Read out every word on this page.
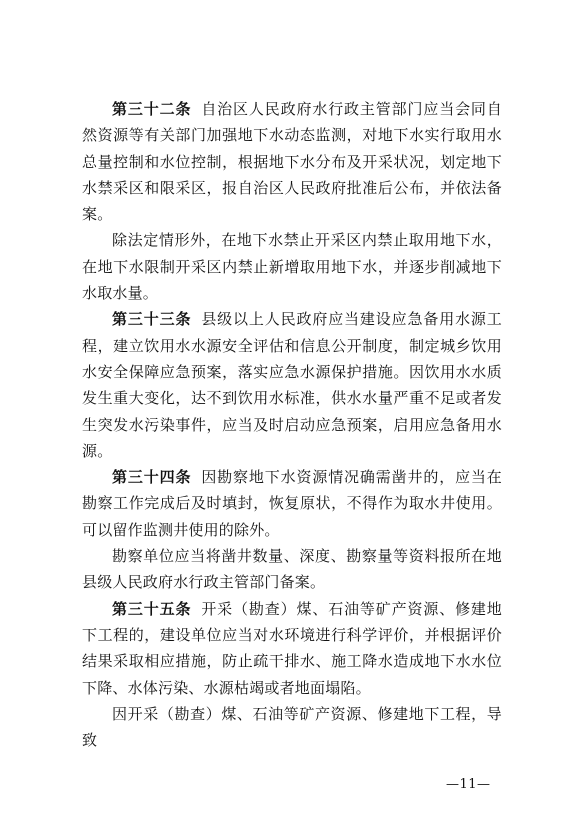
第三十二条 自治区人民政府水行政主管部门应当会同自然资源等有关部门加强地下水动态监测，对地下水实行取用水总量控制和水位控制，根据地下水分布及开采状况，划定地下水禁采区和限采区，报自治区人民政府批准后公布，并依法备案。

除法定情形外，在地下水禁止开采区内禁止取用地下水，在地下水限制开采区内禁止新增取用地下水，并逐步削减地下水取水量。

第三十三条 县级以上人民政府应当建设应急备用水源工程，建立饮用水水源安全评估和信息公开制度，制定城乡饮用水安全保障应急预案，落实应急水源保护措施。因饮用水水质发生重大变化，达不到饮用水标准，供水水量严重不足或者发生突发水污染事件，应当及时启动应急预案，启用应急备用水源。

第三十四条 因勘察地下水资源情况确需凿井的，应当在勘察工作完成后及时填封，恢复原状，不得作为取水井使用。可以留作监测井使用的除外。

勘察单位应当将凿井数量、深度、勘察量等资料报所在地县级人民政府水行政主管部门备案。

第三十五条 开采（勘查）煤、石油等矿产资源、修建地下工程的，建设单位应当对水环境进行科学评价，并根据评价结果采取相应措施，防止疏干排水、施工降水造成地下水水位下降、水体污染、水源枯竭或者地面塌陷。

因开采（勘查）煤、石油等矿产资源、修建地下工程，导致

—11—
